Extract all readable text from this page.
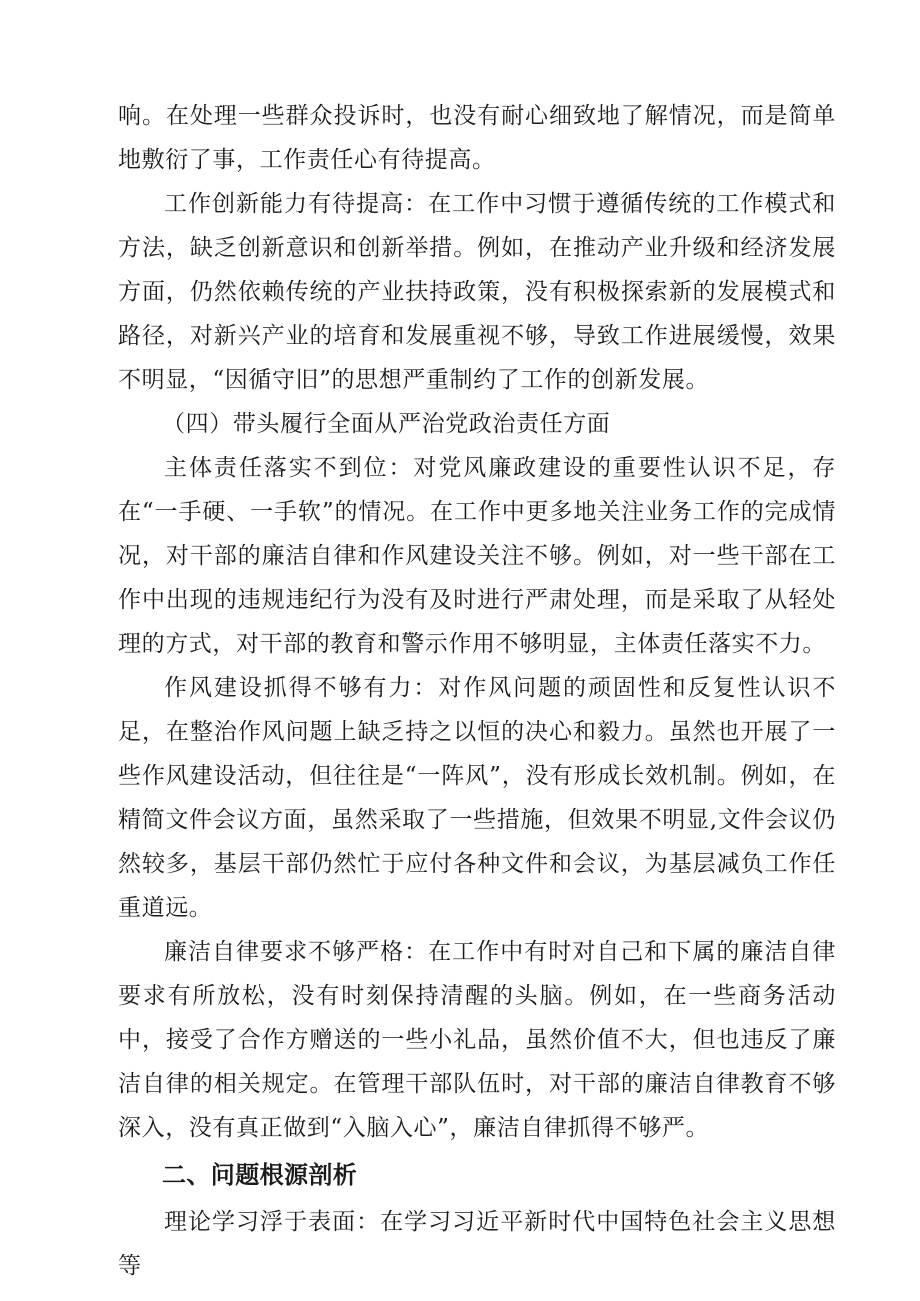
响。在处理一些群众投诉时，也没有耐心细致地了解情况，而是简单地敷衍了事，工作责任心有待提高。

工作创新能力有待提高：在工作中习惯于遵循传统的工作模式和方法，缺乏创新意识和创新举措。例如，在推动产业升级和经济发展方面，仍然依赖传统的产业扶持政策，没有积极探索新的发展模式和路径，对新兴产业的培育和发展重视不够，导致工作进展缓慢，效果不明显，“因循守旧”的思想严重制约了工作的创新发展。

（四）带头履行全面从严治党政治责任方面

主体责任落实不到位：对党风廉政建设的重要性认识不足，存在“一手硬、一手软”的情况。在工作中更多地关注业务工作的完成情况，对干部的廉洁自律和作风建设关注不够。例如，对一些干部在工作中出现的违规违纪行为没有及时进行严肃处理，而是采取了从轻处理的方式，对干部的教育和警示作用不够明显，主体责任落实不力。

作风建设抓得不够有力：对作风问题的顽固性和反复性认识不足，在整治作风问题上缺乏持之以恒的决心和毅力。虽然也开展了一些作风建设活动，但往往是“一阵风”，没有形成长效机制。例如，在精简文件会议方面，虽然采取了一些措施，但效果不明显,文件会议仍然较多，基层干部仍然忙于应付各种文件和会议，为基层减负工作任重道远。

廉洁自律要求不够严格：在工作中有时对自己和下属的廉洁自律要求有所放松，没有时刻保持清醒的头脑。例如，在一些商务活动中，接受了合作方赠送的一些小礼品，虽然价值不大，但也违反了廉洁自律的相关规定。在管理干部队伍时，对干部的廉洁自律教育不够深入，没有真正做到“入脑入心”，廉洁自律抓得不够严。

二、问题根源剖析

理论学习浮于表面：在学习习近平新时代中国特色社会主义思想等
